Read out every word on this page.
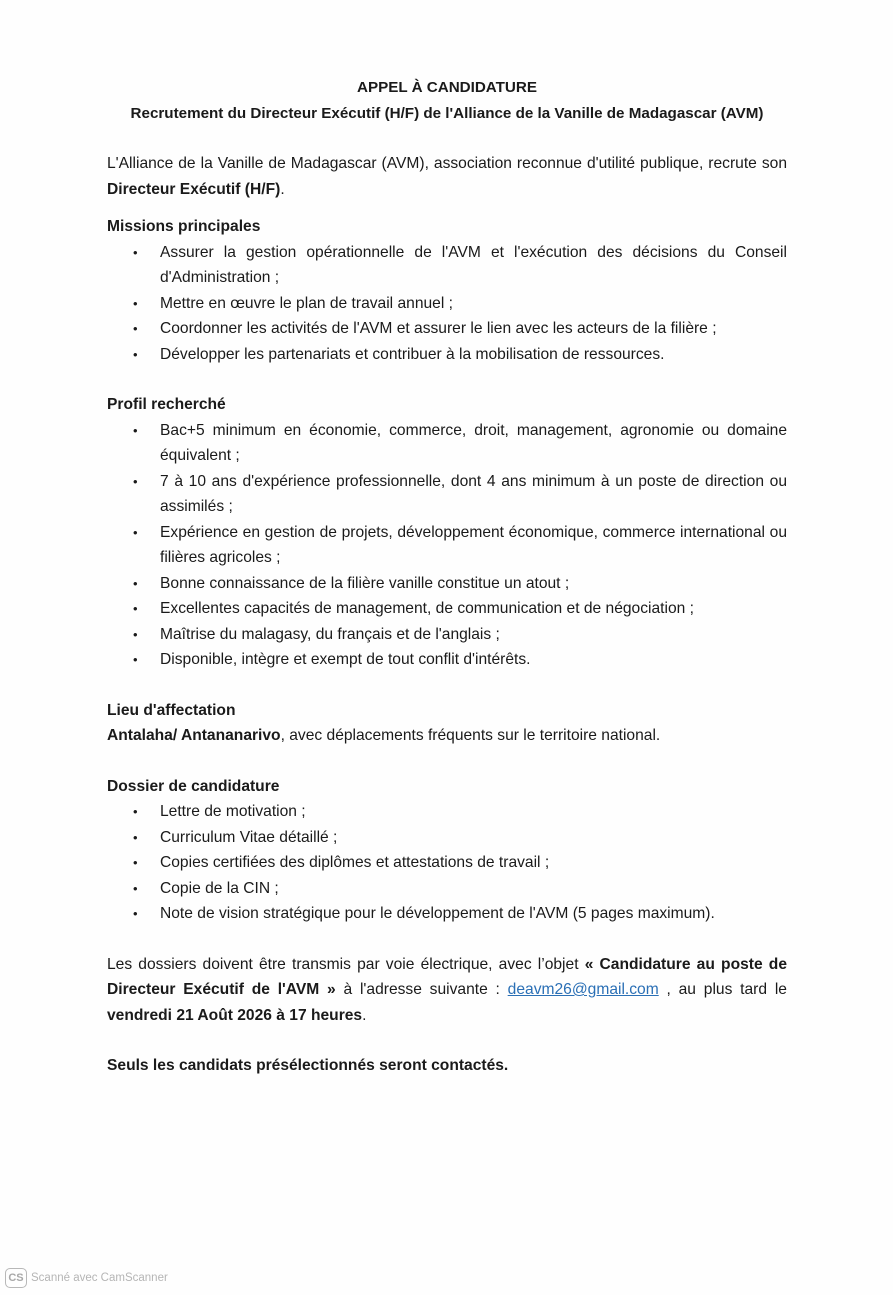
APPEL À CANDIDATURE

Recrutement du Directeur Exécutif (H/F) de l'Alliance de la Vanille de Madagascar (AVM)

L'Alliance de la Vanille de Madagascar (AVM), association reconnue d'utilité publique, recrute son Directeur Exécutif (H/F).

Missions principales

• Assurer la gestion opérationnelle de l'AVM et l'exécution des décisions du Conseil d'Administration ;
• Mettre en œuvre le plan de travail annuel ;
• Coordonner les activités de l'AVM et assurer le lien avec les acteurs de la filière ;
• Développer les partenariats et contribuer à la mobilisation de ressources.

Profil recherché

• Bac+5 minimum en économie, commerce, droit, management, agronomie ou domaine équivalent ;
• 7 à 10 ans d'expérience professionnelle, dont 4 ans minimum à un poste de direction ou assimilés ;
• Expérience en gestion de projets, développement économique, commerce international ou filières agricoles ;
• Bonne connaissance de la filière vanille constitue un atout ;
• Excellentes capacités de management, de communication et de négociation ;
• Maîtrise du malagasy, du français et de l'anglais ;
• Disponible, intègre et exempt de tout conflit d'intérêts.

Lieu d'affectation

Antalaha/ Antananarivo, avec déplacements fréquents sur le territoire national.

Dossier de candidature

• Lettre de motivation ;
• Curriculum Vitae détaillé ;
• Copies certifiées des diplômes et attestations de travail ;
• Copie de la CIN ;
• Note de vision stratégique pour le développement de l'AVM (5 pages maximum).

Les dossiers doivent être transmis par voie électrique, avec l’objet « Candidature au poste de Directeur Exécutif de l'AVM » à l'adresse suivante : deavm26@gmail.com , au plus tard le vendredi 21 Août 2026 à 17 heures.

Seuls les candidats présélectionnés seront contactés.

CS Scanné avec CamScanner
